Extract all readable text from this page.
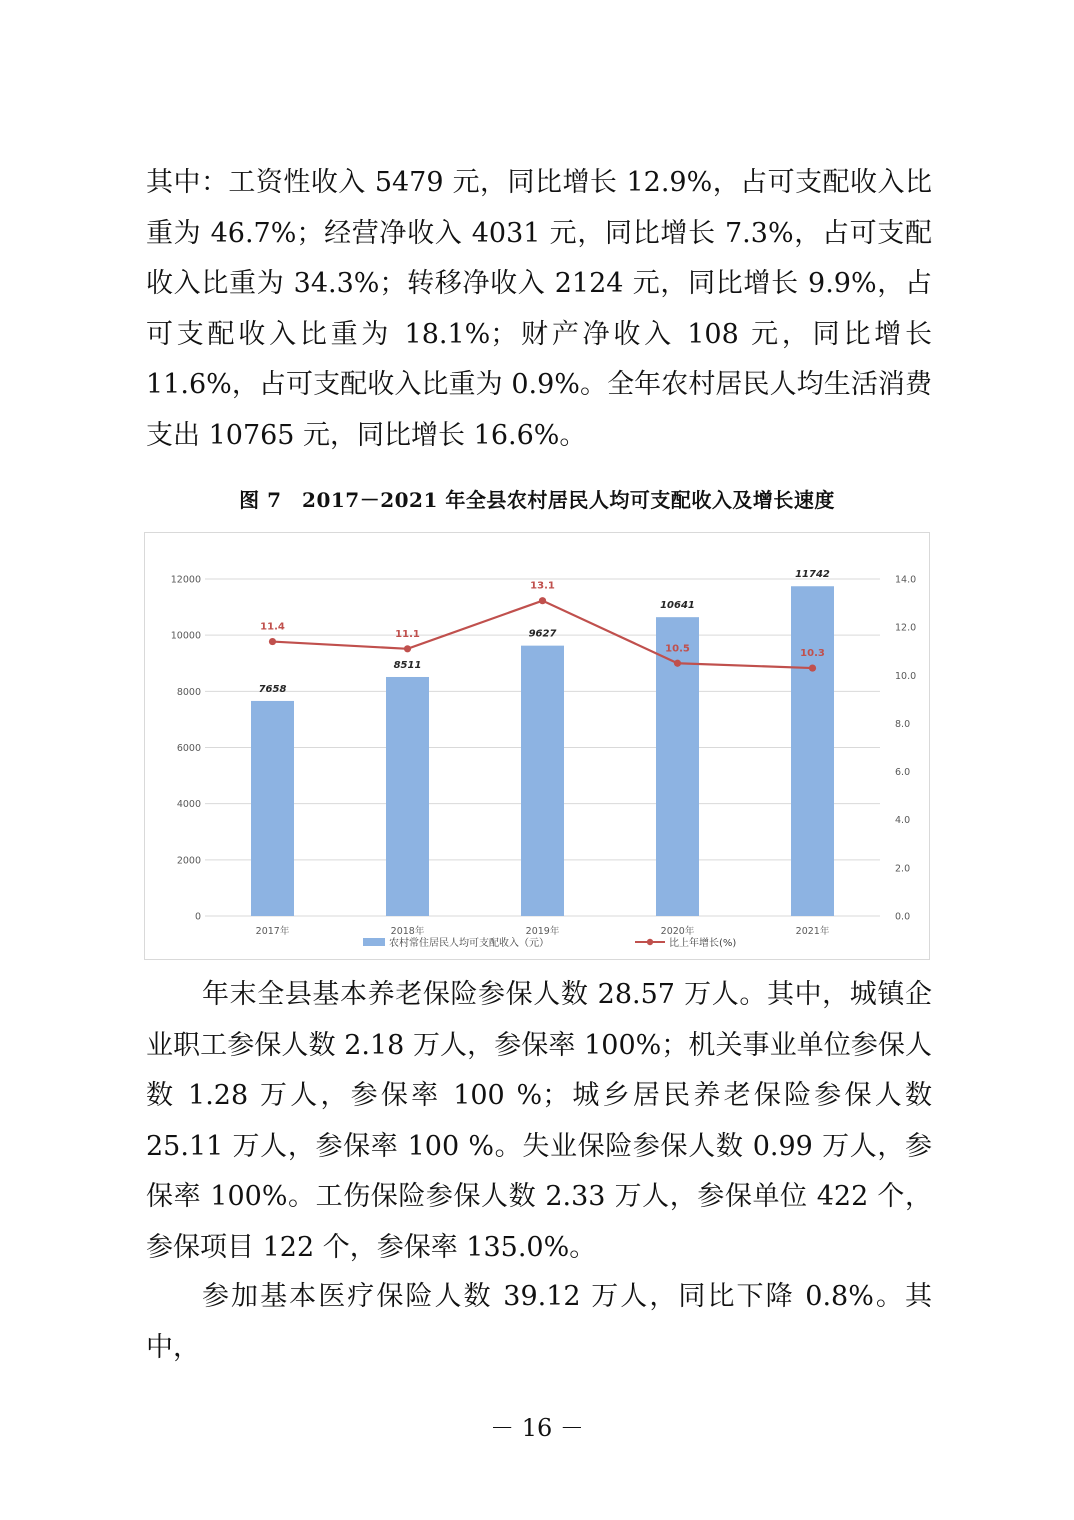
其中：工资性收入 5479 元，同比增长 12.9%，占可支配收入比重为 46.7%；经营净收入 4031 元，同比增长 7.3%，占可支配收入比重为 34.3%；转移净收入 2124 元，同比增长 9.9%，占可支配收入比重为 18.1%；财产净收入 108 元，同比增长 11.6%，占可支配收入比重为 0.9%。全年农村居民人均生活消费支出 10765 元，同比增长 16.6%。

图 7　2017－2021 年全县农村居民人均可支配收入及增长速度
0
2000
4000
6000
8000
10000
12000
0.0
2.0
4.0
6.0
8.0
10.0
12.0
14.0
2017年	2018年	2019年	2020年	2021年
7658
8511
9627
10641
11742
11.4
11.1
13.1
10.5	10.3
农村常住居民人均可支配收入（元）	比上年增长(%)

年末全县基本养老保险参保人数 28.57 万人。其中，城镇企业职工参保人数 2.18 万人，参保率 100%；机关事业单位参保人数 1.28 万人，参保率 100 %；城乡居民养老保险参保人数 25.11 万人，参保率 100 %。失业保险参保人数 0.99 万人，参保率 100%。工伤保险参保人数 2.33 万人，参保单位 422 个，参保项目 122 个，参保率 135.0%。

参加基本医疗保险人数 39.12 万人，同比下降 0.8%。其中，

－ 16 －
